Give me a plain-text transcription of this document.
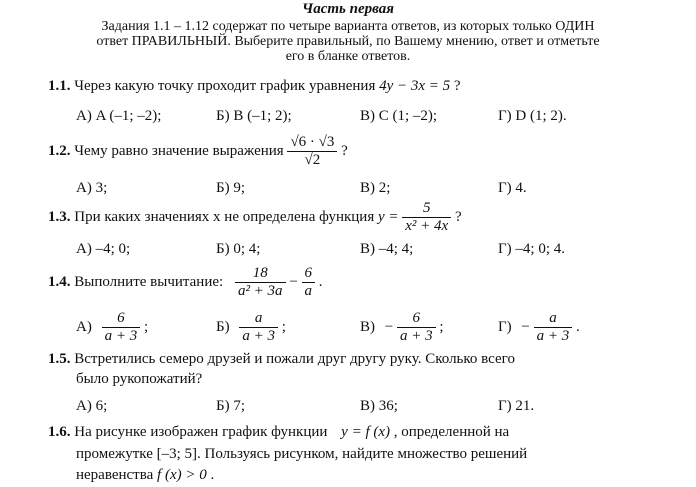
Часть первая
Задания 1.1 – 1.12 содержат по четыре варианта ответов, из которых только ОДИН
ответ ПРАВИЛЬНЫЙ. Выберите правильный, по Вашему мнению, ответ и отметьте
его в бланке ответов.
1.1. Через какую точку проходит график уравнения 4y − 3x = 5 ?
А) A (–1; –2);	Б) B (–1; 2);	В) C (1; –2);	Г) D (1; 2).
1.2. Чему равно значение выражения $\frac{√6 \cdot √3}{√2}$ ?
А) 3;	Б) 9;	В) 2;	Г) 4.
1.3. При каких значениях x не определена функция $y = \frac{5}{\text{x² + 4x}}$ ?
А) –4; 0;	Б) 0; 4;	В) –4; 4;	Г) –4; 0; 4.
1.4. Выполните вычитание: $\frac{18}{\text{a² + 3a}} - \frac{6}{a}$ .
$А) \frac{6}{a + 3}$ ;	$Б) \frac{a}{a + 3}$ ;	$В) - \frac{6}{a + 3}$ ;	$Г) - \frac{a}{a + 3}$ .
1.5. Встретились семеро друзей и пожали друг другу руку. Сколько всего
было рукопожатий?
А) 6;	Б) 7;	В) 36;	Г) 21.
1.6. На рисунке изображен график функции y = f (x) , определенной на
промежутке [–3; 5]. Пользуясь рисунком, найдите множество решений
неравенства f (x) > 0 .
